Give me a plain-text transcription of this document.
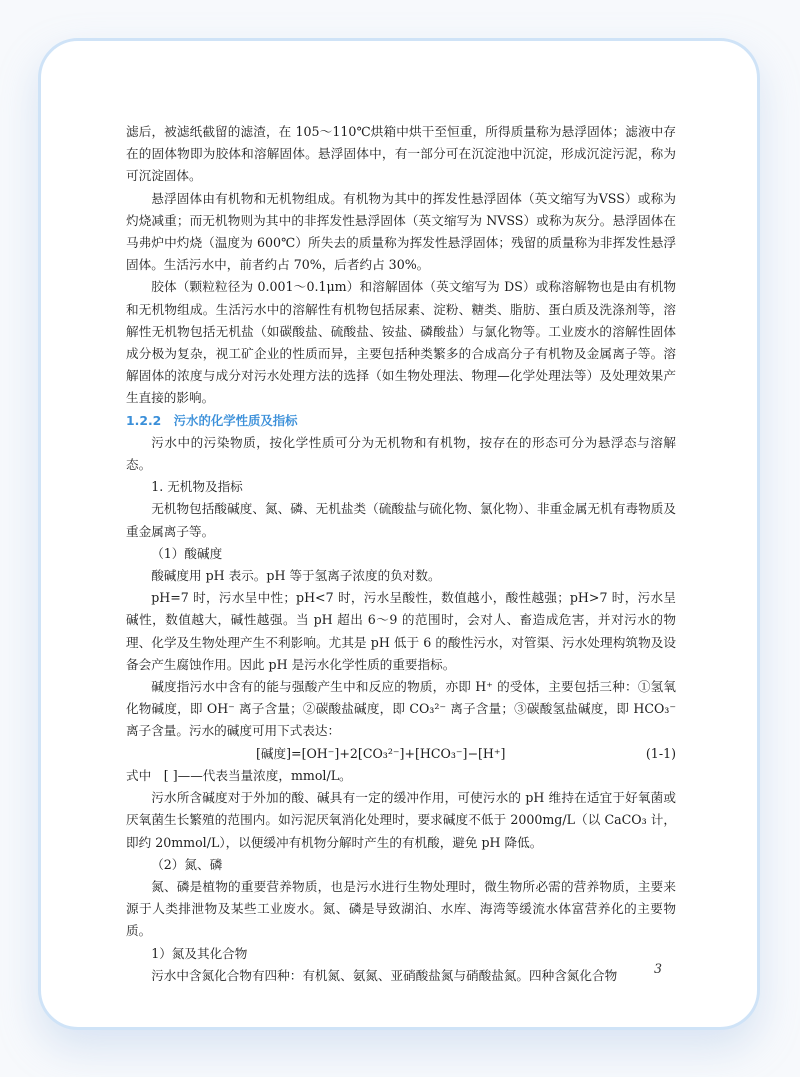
滤后，被滤纸截留的滤渣，在 105～110℃烘箱中烘干至恒重，所得质量称为悬浮固体；滤液中存在的固体物即为胶体和溶解固体。悬浮固体中，有一部分可在沉淀池中沉淀，形成沉淀污泥，称为可沉淀固体。

悬浮固体由有机物和无机物组成。有机物为其中的挥发性悬浮固体（英文缩写为VSS）或称为灼烧减重；而无机物则为其中的非挥发性悬浮固体（英文缩写为 NVSS）或称为灰分。悬浮固体在马弗炉中灼烧（温度为 600℃）所失去的质量称为挥发性悬浮固体；残留的质量称为非挥发性悬浮固体。生活污水中，前者约占 70%，后者约占 30%。

胶体（颗粒粒径为 0.001～0.1μm）和溶解固体（英文缩写为 DS）或称溶解物也是由有机物和无机物组成。生活污水中的溶解性有机物包括尿素、淀粉、糖类、脂肪、蛋白质及洗涤剂等，溶解性无机物包括无机盐（如碳酸盐、硫酸盐、铵盐、磷酸盐）与氯化物等。工业废水的溶解性固体成分极为复杂，视工矿企业的性质而异，主要包括种类繁多的合成高分子有机物及金属离子等。溶解固体的浓度与成分对污水处理方法的选择（如生物处理法、物理—化学处理法等）及处理效果产生直接的影响。

1.2.2　污水的化学性质及指标

污水中的污染物质，按化学性质可分为无机物和有机物，按存在的形态可分为悬浮态与溶解态。

1. 无机物及指标

无机物包括酸碱度、氮、磷、无机盐类（硫酸盐与硫化物、氯化物）、非重金属无机有毒物质及重金属离子等。

（1）酸碱度

酸碱度用 pH 表示。pH 等于氢离子浓度的负对数。

pH=7 时，污水呈中性；pH<7 时，污水呈酸性，数值越小，酸性越强；pH>7 时，污水呈碱性，数值越大，碱性越强。当 pH 超出 6～9 的范围时，会对人、畜造成危害，并对污水的物理、化学及生物处理产生不利影响。尤其是 pH 低于 6 的酸性污水，对管渠、污水处理构筑物及设备会产生腐蚀作用。因此 pH 是污水化学性质的重要指标。

碱度指污水中含有的能与强酸产生中和反应的物质，亦即 H⁺ 的受体，主要包括三种：①氢氧化物碱度，即 OH⁻ 离子含量；②碳酸盐碱度，即 CO₃²⁻ 离子含量；③碳酸氢盐碱度，即 HCO₃⁻ 离子含量。污水的碱度可用下式表达：

[碱度]=[OH⁻]+2[CO₃²⁻]+[HCO₃⁻]−[H⁺]	(1-1)

式中　[ ]——代表当量浓度，mmol/L。

污水所含碱度对于外加的酸、碱具有一定的缓冲作用，可使污水的 pH 维持在适宜于好氧菌或厌氧菌生长繁殖的范围内。如污泥厌氧消化处理时，要求碱度不低于 2000mg/L（以 CaCO₃ 计，即约 20mmol/L），以便缓冲有机物分解时产生的有机酸，避免 pH 降低。

（2）氮、磷

氮、磷是植物的重要营养物质，也是污水进行生物处理时，微生物所必需的营养物质，主要来源于人类排泄物及某些工业废水。氮、磷是导致湖泊、水库、海湾等缓流水体富营养化的主要物质。

1）氮及其化合物

污水中含氮化合物有四种：有机氮、氨氮、亚硝酸盐氮与硝酸盐氮。四种含氮化合物	3
